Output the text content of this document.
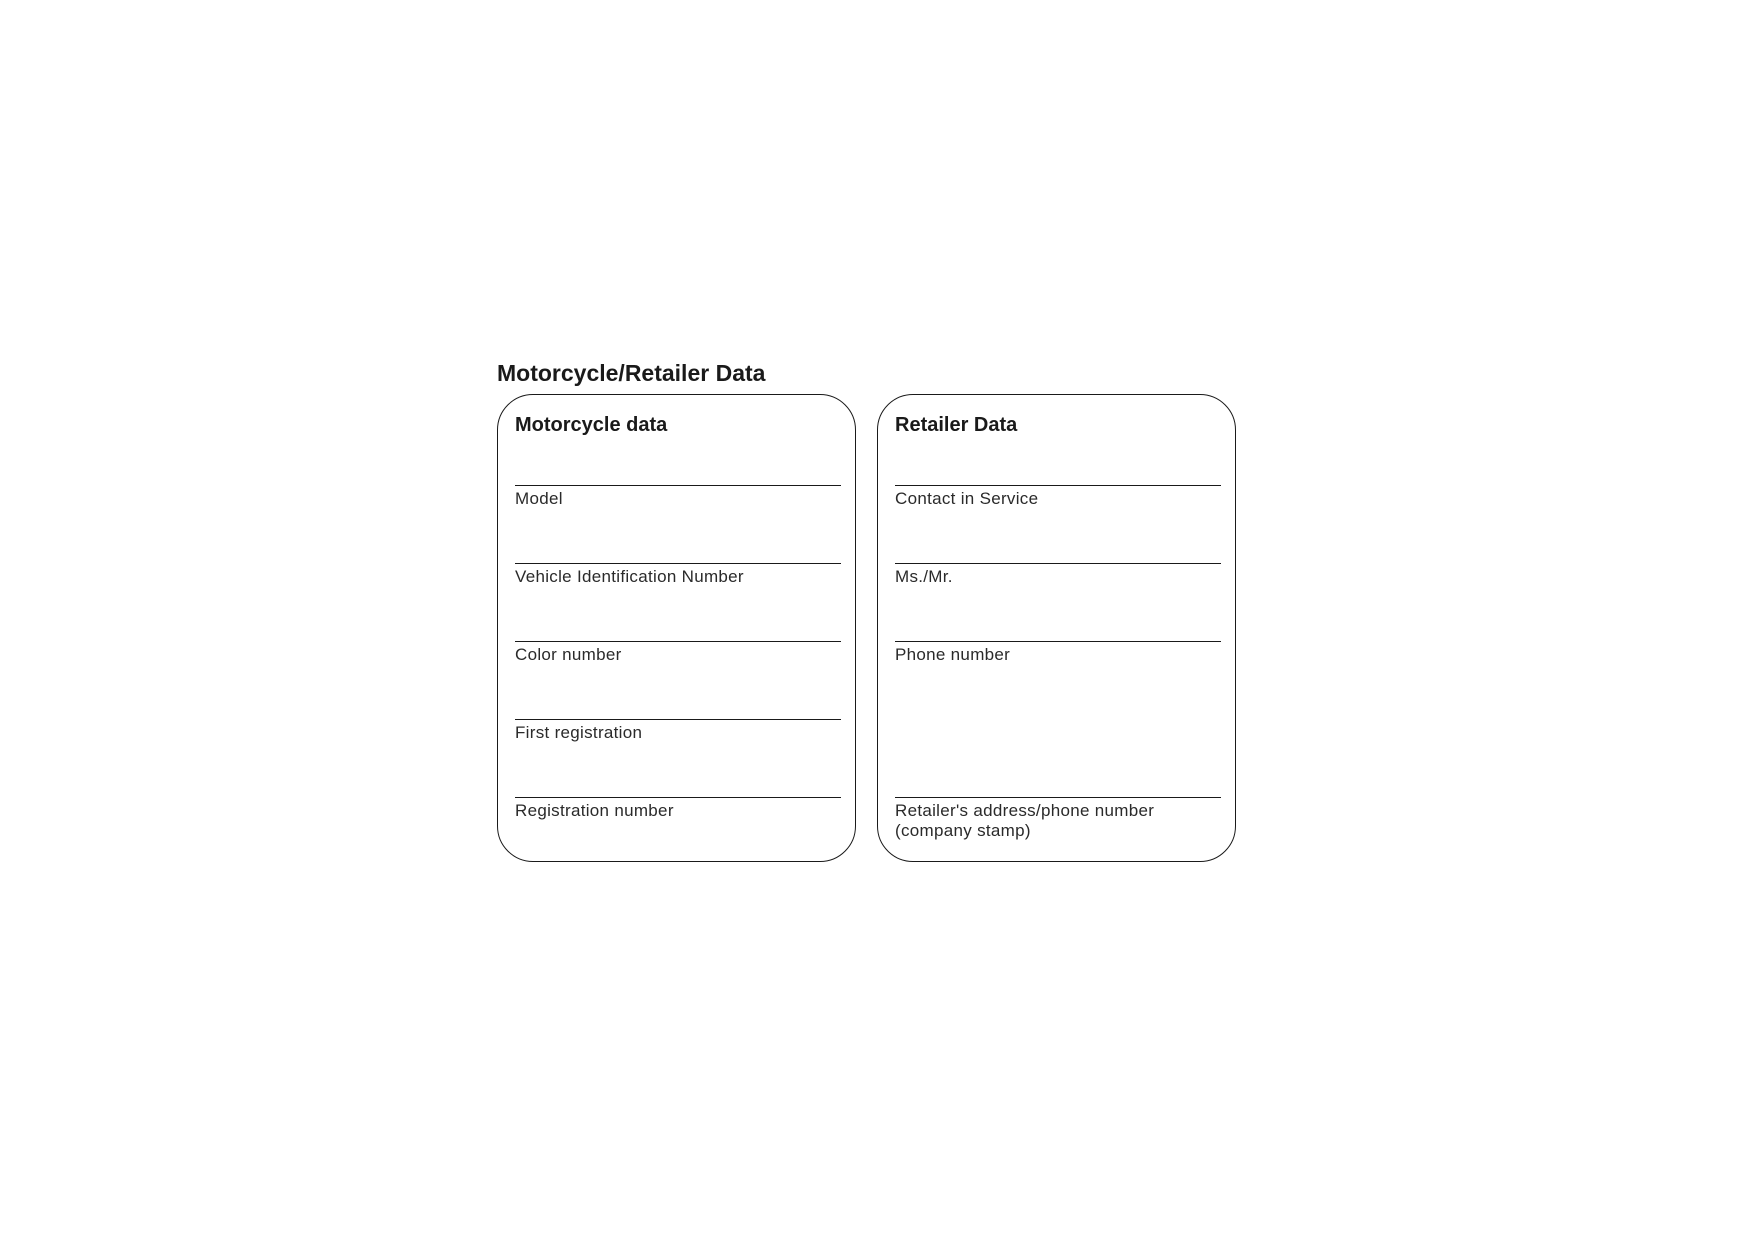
Motorcycle/Retailer Data
Motorcycle data
Model
Vehicle Identification Number
Color number
First registration
Registration number
Retailer Data
Contact in Service
Ms./Mr.
Phone number
Retailer's address/phone number
(company stamp)
